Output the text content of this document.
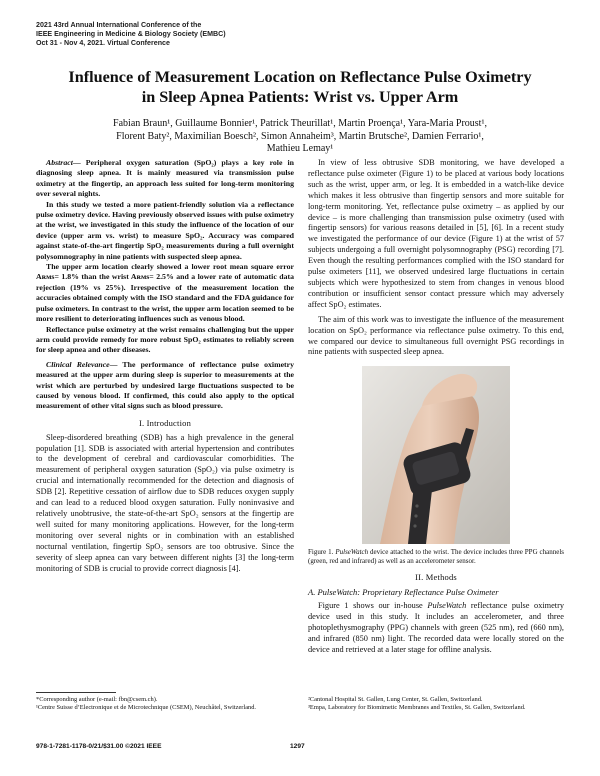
2021 43rd Annual International Conference of the
IEEE Engineering in Medicine & Biology Society (EMBC)
Oct 31 - Nov 4, 2021. Virtual Conference
Influence of Measurement Location on Reflectance Pulse Oximetry
in Sleep Apnea Patients: Wrist vs. Upper Arm
Fabian Braun¹, Guillaume Bonnier¹, Patrick Theurillat¹, Martin Proença¹, Yara-Maria Proust¹,
Florent Baty², Maximilian Boesch², Simon Annaheim³, Martin Brutsche², Damien Ferrario¹,
Mathieu Lemay¹

Abstract— Peripheral oxygen saturation (SpO₂) plays a key role in diagnosing sleep apnea. It is mainly measured via transmission pulse oximetry at the fingertip, an approach less suited for long-term monitoring over several nights.

In this study we tested a more patient-friendly solution via a reflectance pulse oximetry device. Having previously observed issues with pulse oximetry at the wrist, we investigated in this study the influence of the location of our device (upper arm vs. wrist) to measure SpO₂. Accuracy was compared against state-of-the-art fingertip SpO₂ measurements during a full overnight polysomnography in nine patients with suspected sleep apnea.

The upper arm location clearly showed a lower root mean square error Aʀᴍs= 1.8% than the wrist Aʀᴍs= 2.5% and a lower rate of automatic data rejection (19% vs 25%). Irrespective of the measurement location the accuracies obtained comply with the ISO standard and the FDA guidance for pulse oximeters. In contrast to the wrist, the upper arm location seemed to be more resilient to deteriorating influences such as venous blood.

Reflectance pulse oximetry at the wrist remains challenging but the upper arm could provide remedy for more robust SpO₂ estimates to reliably screen for sleep apnea and other diseases.

Clinical Relevance— The performance of reflectance pulse oximetry measured at the upper arm during sleep is superior to measurements at the wrist which are perturbed by undesired large fluctuations suspected to be caused by venous blood. If confirmed, this could also apply to the optical measurement of other vital signs such as blood pressure.

I. Introduction

Sleep-disordered breathing (SDB) has a high prevalence in the general population [1]. SDB is associated with arterial hypertension and contributes to the development of cerebral and cardiovascular comorbidities. The measurement of peripheral oxygen saturation (SpO₂) via pulse oximetry is crucial and internationally recommended for the detection and diagnosis of SDB [2]. Repetitive cessation of airflow due to SDB reduces oxygen supply and can lead to a reduced blood oxygen saturation. Fully noninvasive and relatively unobtrusive, the state-of-the-art SpO₂ sensors at the fingertip are well suited for many monitoring applications. However, for the long-term monitoring over several nights or in combination with an established nocturnal ventilation, fingertip SpO₂ sensors are too obtrusive. Since the severity of sleep apnea can vary between different nights [3] the long-term monitoring of SDB is crucial to provide correct diagnosis [4].

In view of less obtrusive SDB monitoring, we have developed a reflectance pulse oximeter (Figure 1) to be placed at various body locations such as the wrist, upper arm, or leg. It is embedded in a watch-like device which makes it less obtrusive than fingertip sensors and more suitable for long-term monitoring. Yet, reflectance pulse oximetry – as applied by our device – is more challenging than transmission pulse oximetry (used with fingertip sensors) for various reasons detailed in [5], [6]. In a recent study we investigated the performance of our device (Figure 1) at the wrist of 57 subjects undergoing a full overnight polysomnography (PSG) recording [7]. Even though the resulting performances complied with the ISO standard for pulse oximeters [11], we observed undesired large fluctuations in certain subjects which were hypothesized to stem from changes in venous blood contribution or insufficient sensor contact pressure which may adversely affect SpO₂ estimates.

The aim of this work was to investigate the influence of the measurement location on SpO₂ performance via reflectance pulse oximetry. To this end, we compared our device to simultaneous full overnight PSG recordings in nine patients with suspected sleep apnea.

Figure 1. PulseWatch device attached to the wrist. The device includes three PPG channels (green, red and infrared) as well as an accelerometer sensor.

II. Methods
A. PulseWatch: Proprietary Reflectance Pulse Oximeter

Figure 1 shows our in-house PulseWatch reflectance pulse oximetry device used in this study. It includes an accelerometer, and three photoplethysmography (PPG) channels with green (525 nm), red (660 nm), and infrared (850 nm) light. The recorded data were locally stored on the device and retrieved at a later stage for offline analysis.

*Corresponding author (e-mail: fbn@csem.ch).
¹Centre Suisse d’Electronique et de Microtechnique (CSEM), Neuchâtel, Switzerland.
²Cantonal Hospital St. Gallen, Lung Center, St. Gallen, Switzerland.
³Empa, Laboratory for Biomimetic Membranes and Textiles, St. Gallen, Switzerland.
978-1-7281-1178-0/21/$31.00 ©2021 IEEE	1297
